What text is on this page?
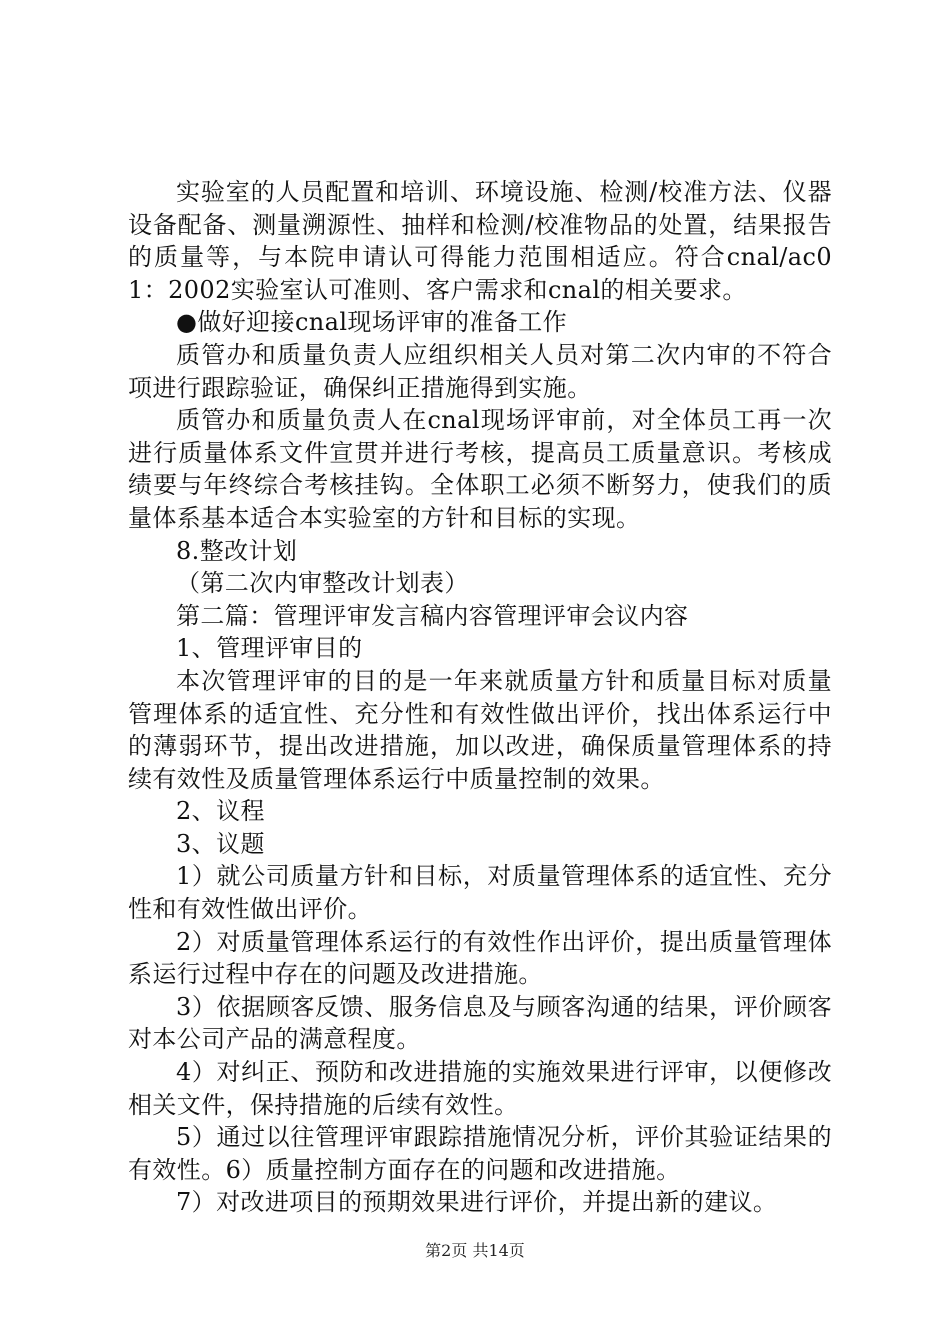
实验室的人员配置和培训、环境设施、检测/校准方法、仪器设备配备、测量溯源性、抽样和检测/校准物品的处置，结果报告的质量等，与本院申请认可得能力范围相适应。符合cnal/ac01：2002实验室认可准则、客户需求和cnal的相关要求。

●做好迎接cnal现场评审的准备工作

质管办和质量负责人应组织相关人员对第二次内审的不符合项进行跟踪验证，确保纠正措施得到实施。

质管办和质量负责人在cnal现场评审前，对全体员工再一次进行质量体系文件宣贯并进行考核，提高员工质量意识。考核成绩要与年终综合考核挂钩。全体职工必须不断努力，使我们的质量体系基本适合本实验室的方针和目标的实现。

8.整改计划

（第二次内审整改计划表）

第二篇：管理评审发言稿内容管理评审会议内容

1、管理评审目的

本次管理评审的目的是一年来就质量方针和质量目标对质量管理体系的适宜性、充分性和有效性做出评价，找出体系运行中的薄弱环节，提出改进措施，加以改进，确保质量管理体系的持续有效性及质量管理体系运行中质量控制的效果。

2、议程

3、议题

1）就公司质量方针和目标，对质量管理体系的适宜性、充分性和有效性做出评价。

2）对质量管理体系运行的有效性作出评价，提出质量管理体系运行过程中存在的问题及改进措施。

3）依据顾客反馈、服务信息及与顾客沟通的结果，评价顾客对本公司产品的满意程度。

4）对纠正、预防和改进措施的实施效果进行评审，以便修改相关文件，保持措施的后续有效性。

5）通过以往管理评审跟踪措施情况分析，评价其验证结果的有效性。6）质量控制方面存在的问题和改进措施。

7）对改进项目的预期效果进行评价，并提出新的建议。

第2页 共14页
